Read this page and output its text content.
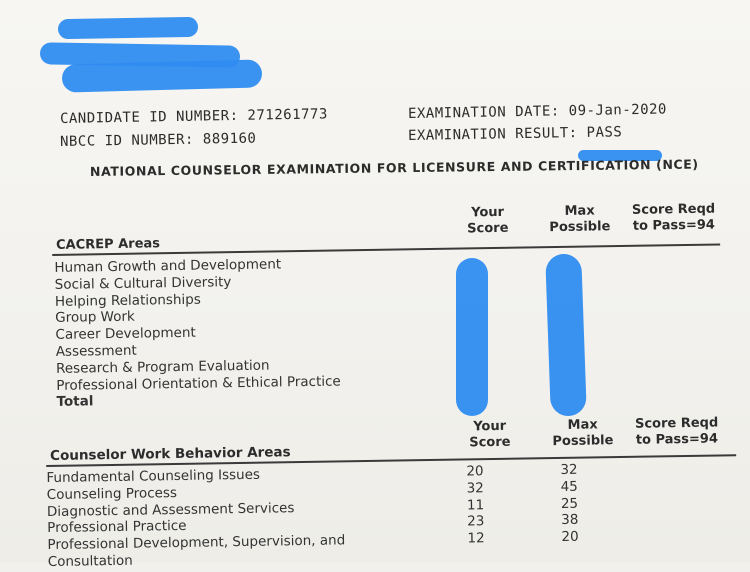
CANDIDATE ID NUMBER: 271261773
NBCC ID NUMBER: 889160
EXAMINATION DATE: 09-Jan-2020
EXAMINATION RESULT: PASS
NATIONAL COUNSELOR EXAMINATION FOR LICENSURE AND CERTIFICATION (NCE)
Your
Score
Max
Possible
Score Reqd
to Pass=94
CACREP Areas
Human Growth and Development
Social & Cultural Diversity
Helping Relationships
Group Work
Career Development
Assessment
Research & Program Evaluation
Professional Orientation & Ethical Practice
Total
Your
Score
Max
Possible
Score Reqd
to Pass=94
Counselor Work Behavior Areas
Fundamental Counseling Issues	20	32
Counseling Process	32	45
Diagnostic and Assessment Services	11	25
Professional Practice	23	38
Professional Development, Supervision, and	12	20
Consultation
